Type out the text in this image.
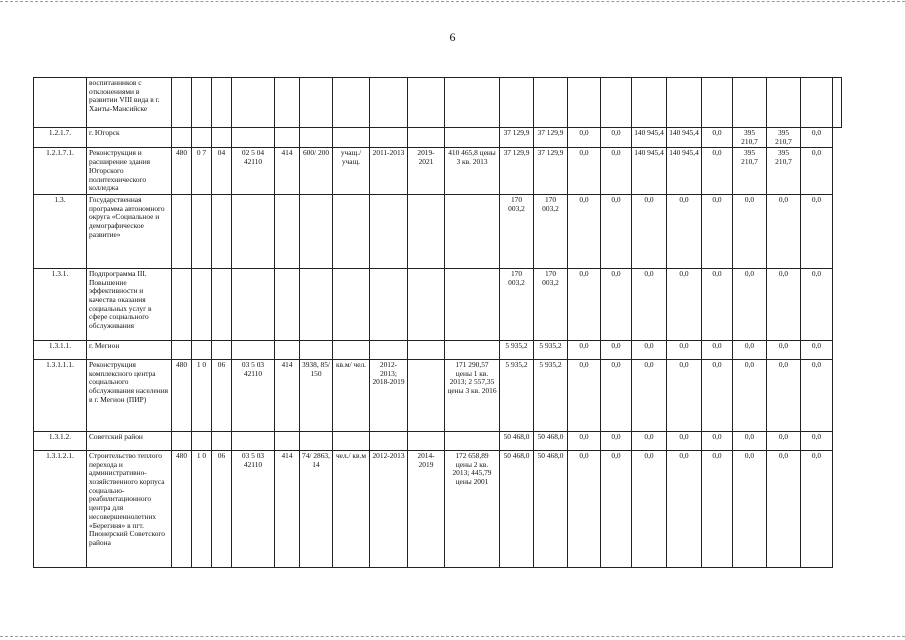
6
	воспитанников с отклонениями в развитии VIII вида в г. Ханты-Мансийске																					
1.2.1.7.	г. Югорск											37 129,9	37 129,9	0,0	0,0	140 945,4	140 945,4	0,0	395 210,7	395 210,7	0,0	
1.2.1.7.1.	Реконструкция и расширение здания Югорского политехнического колледжа	480	0 7	04	02 5 04 42110	414	600/ 200	учащ./ учащ.	2011-2013	2019-2021	410 465,8 цены 3 кв. 2013	37 129,9	37 129,9	0,0	0,0	140 945,4	140 945,4	0,0	395 210,7	395 210,7	0,0	
1.3.	Государственная программа автономного округа «Социальное и демографическое развитие»											170 003,2	170 003,2	0,0	0,0	0,0	0,0	0,0	0,0	0,0	0,0	
1.3.1.	Подпрограмма III. Повышение эффективности и качества оказания социальных услуг в сфере социального обслуживания											170 003,2	170 003,2	0,0	0,0	0,0	0,0	0,0	0,0	0,0	0,0	
1.3.1.1.	г. Мегион											5 935,2	5 935,2	0,0	0,0	0,0	0,0	0,0	0,0	0,0	0,0	
1.3.1.1.1.	Реконструкция комплексного центра социального обслуживания населения в г. Мегион (ПИР)	480	1 0	06	03 5 03 42110	414	3938, 85/ 150	кв.м/ чел.	2012-2013; 2018-2019		171 290,57 цены 1 кв. 2013; 2 557,35 цены 3 кв. 2016	5 935,2	5 935,2	0,0	0,0	0,0	0,0	0,0	0,0	0,0	0,0	
1.3.1.2.	Советский район											50 468,0	50 468,0	0,0	0,0	0,0	0,0	0,0	0,0	0,0	0,0	
1.3.1.2.1.	Строительство теплого перехода и административно-хозяйственного корпуса социально-реабилитационного центра для несовершеннолетних «Берегиня» в пгт. Пионерский Советского района	480	1 0	06	03 5 03 42110	414	74/ 2863, 14	чел./ кв.м	2012-2013	2014-2019	172 658,89 цены 2 кв. 2013; 445,79 цены 2001	50 468,0	50 468,0	0,0	0,0	0,0	0,0	0,0	0,0	0,0	0,0	
